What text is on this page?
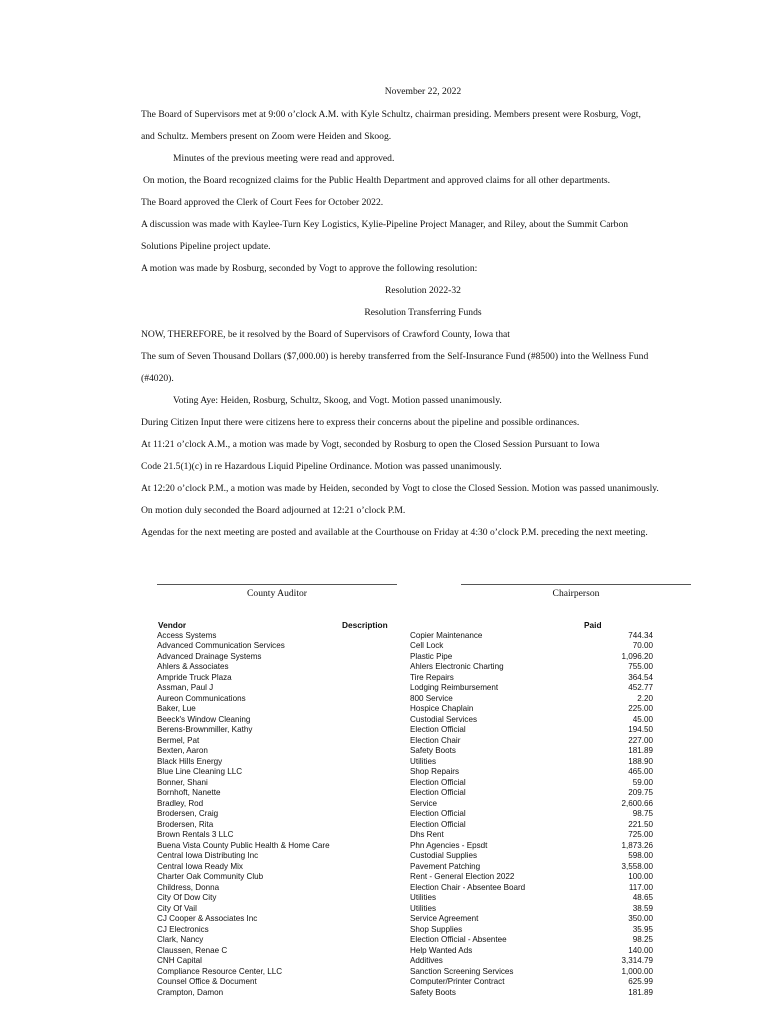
November 22, 2022

The Board of Supervisors met at 9:00 o’clock A.M. with Kyle Schultz, chairman presiding. Members present were Rosburg, Vogt,

and Schultz. Members present on Zoom were Heiden and Skoog.

Minutes of the previous meeting were read and approved.

On motion, the Board recognized claims for the Public Health Department and approved claims for all other departments.

The Board approved the Clerk of Court Fees for October 2022.

A discussion was made with Kaylee-Turn Key Logistics, Kylie-Pipeline Project Manager, and Riley, about the Summit Carbon

Solutions Pipeline project update.

A motion was made by Rosburg, seconded by Vogt to approve the following resolution:

Resolution 2022-32

Resolution Transferring Funds

NOW, THEREFORE, be it resolved by the Board of Supervisors of Crawford County, Iowa that

The sum of Seven Thousand Dollars ($7,000.00) is hereby transferred from the Self-Insurance Fund (#8500) into the Wellness Fund

(#4020).

Voting Aye: Heiden, Rosburg, Schultz, Skoog, and Vogt. Motion passed unanimously.

During Citizen Input there were citizens here to express their concerns about the pipeline and possible ordinances.

At 11:21 o’clock A.M., a motion was made by Vogt, seconded by Rosburg to open the Closed Session Pursuant to Iowa

Code 21.5(1)(c) in re Hazardous Liquid Pipeline Ordinance. Motion was passed unanimously.

At 12:20 o’clock P.M., a motion was made by Heiden, seconded by Vogt to close the Closed Session. Motion was passed unanimously.

On motion duly seconded the Board adjourned at 12:21 o’clock P.M.

Agendas for the next meeting are posted and available at the Courthouse on Friday at 4:30 o’clock P.M. preceding the next meeting.

County Auditor	Chairperson
Vendor	Description	Paid
Access Systems	Copier Maintenance	744.34
Advanced Communication Services	Cell Lock	70.00
Advanced Drainage Systems	Plastic Pipe	1,096.20
Ahlers & Associates	Ahlers Electronic Charting	755.00
Ampride Truck Plaza	Tire Repairs	364.54
Assman, Paul J	Lodging Reimbursement	452.77
Aureon Communications	800 Service	2.20
Baker, Lue	Hospice Chaplain	225.00
Beeck's Window Cleaning	Custodial Services	45.00
Berens-Brownmiller, Kathy	Election Official	194.50
Bermel, Pat	Election Chair	227.00
Bexten, Aaron	Safety Boots	181.89
Black Hills Energy	Utilities	188.90
Blue Line Cleaning LLC	Shop Repairs	465.00
Bonner, Shani	Election Official	59.00
Bornhoft, Nanette	Election Official	209.75
Bradley, Rod	Service	2,600.66
Brodersen, Craig	Election Official	98.75
Brodersen, Rita	Election Official	221.50
Brown Rentals 3 LLC	Dhs Rent	725.00
Buena Vista County Public Health & Home Care	Phn Agencies - Epsdt	1,873.26
Central Iowa Distributing Inc	Custodial Supplies	598.00
Central Iowa Ready Mix	Pavement Patching	3,558.00
Charter Oak Community Club	Rent - General Election 2022	100.00
Childress, Donna	Election Chair - Absentee Board	117.00
City Of Dow City	Utilities	48.65
City Of Vail	Utilities	38.59
CJ Cooper & Associates Inc	Service Agreement	350.00
CJ Electronics	Shop Supplies	35.95
Clark, Nancy	Election Official - Absentee	98.25
Claussen, Renae C	Help Wanted Ads	140.00
CNH Capital	Additives	3,314.79
Compliance Resource Center, LLC	Sanction Screening Services	1,000.00
Counsel Office & Document	Computer/Printer Contract	625.99
Crampton, Damon	Safety Boots	181.89
